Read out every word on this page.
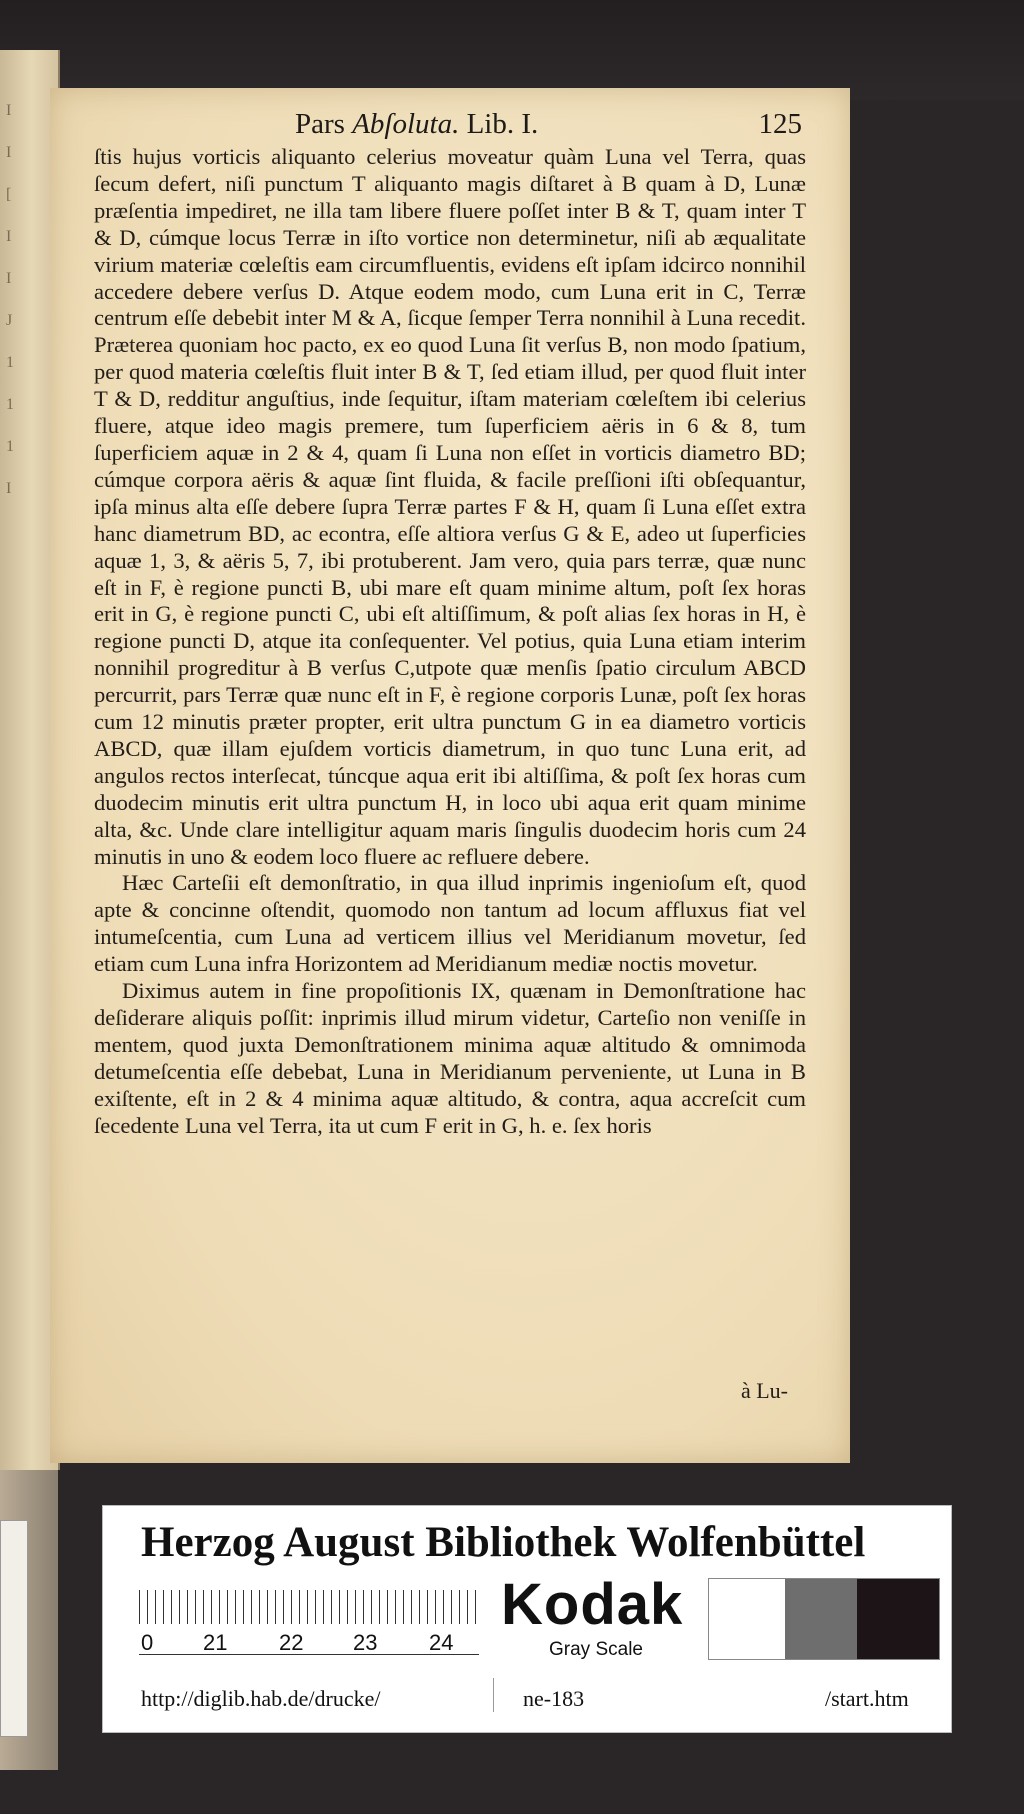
I
I
[
I
I
J
1
1
1
I
Pars Abſoluta. Lib. I.	125

ſtis hujus vorticis aliquanto celerius moveatur quàm Luna vel Terra, quas ſecum defert, niſi punctum T aliquanto magis diſtaret à B quam à D, Lunæ præſentia impediret, ne illa tam libere fluere poſſet inter B & T, quam inter T & D, cúmque locus Terræ in iſto vortice non determinetur, niſi ab æqualitate virium materiæ cœleſtis eam circumfluentis, evidens eſt ipſam idcirco nonnihil accedere debere verſus D. Atque eodem modo, cum Luna erit in C, Terræ centrum eſſe debebit inter M & A, ſicque ſemper Terra nonnihil à Luna recedit. Præterea quoniam hoc pacto, ex eo quod Luna ſit verſus B, non modo ſpatium, per quod materia cœleſtis fluit inter B & T, ſed etiam illud, per quod fluit inter T & D, redditur anguſtius, inde ſequitur, iſtam materiam cœleſtem ibi celerius fluere, atque ideo magis premere, tum ſuperficiem aëris in 6 & 8, tum ſuperficiem aquæ in 2 & 4, quam ſi Luna non eſſet in vorticis diametro BD; cúmque corpora aëris & aquæ ſint fluida, & facile preſſioni iſti obſequantur, ipſa minus alta eſſe debere ſupra Terræ partes F & H, quam ſi Luna eſſet extra hanc diametrum BD, ac econtra, eſſe altiora verſus G & E, adeo ut ſuperficies aquæ 1, 3, & aëris 5, 7, ibi protuberent. Jam vero, quia pars terræ, quæ nunc eſt in F, è regione puncti B, ubi mare eſt quam minime altum, poſt ſex horas erit in G, è regione puncti C, ubi eſt altiſſimum, & poſt alias ſex horas in H, è regione puncti D, atque ita conſequenter. Vel potius, quia Luna etiam interim nonnihil progreditur à B verſus C,utpote quæ menſis ſpatio circulum ABCD percurrit, pars Terræ quæ nunc eſt in F, è regione corporis Lunæ, poſt ſex horas cum 12 minutis præter propter, erit ultra punctum G in ea diametro vorticis ABCD, quæ illam ejuſdem vorticis diametrum, in quo tunc Luna erit, ad angulos rectos interſecat, túncque aqua erit ibi altiſſima, & poſt ſex horas cum duodecim minutis erit ultra punctum H, in loco ubi aqua erit quam minime alta, &c. Unde clare intelligitur aquam maris ſingulis duodecim horis cum 24 minutis in uno & eodem loco fluere ac refluere debere.

Hæc Carteſii eſt demonſtratio, in qua illud inprimis ingenioſum eſt, quod apte & concinne oſtendit, quomodo non tantum ad locum affluxus fiat vel intumeſcentia, cum Luna ad verticem illius vel Meridianum movetur, ſed etiam cum Luna infra Horizontem ad Meridianum mediæ noctis movetur.

Diximus autem in fine propoſitionis IX, quænam in Demonſtratione hac deſiderare aliquis poſſit: inprimis illud mirum videtur, Carteſio non veniſſe in mentem, quod juxta Demonſtrationem minima aquæ altitudo & omnimoda detumeſcentia eſſe debebat, Luna in Meridianum perveniente, ut Luna in B exiſtente, eſt in 2 & 4 minima aquæ altitudo, & contra, aqua accreſcit cum ſecedente Luna vel Terra, ita ut cum F erit in G, h. e. ſex horis

à Lu-
Herzog August Bibliothek Wolfenbüttel
0 21 22 23 24
Kodak
Gray Scale
http://diglib.hab.de/drucke/	ne-183	/start.htm
